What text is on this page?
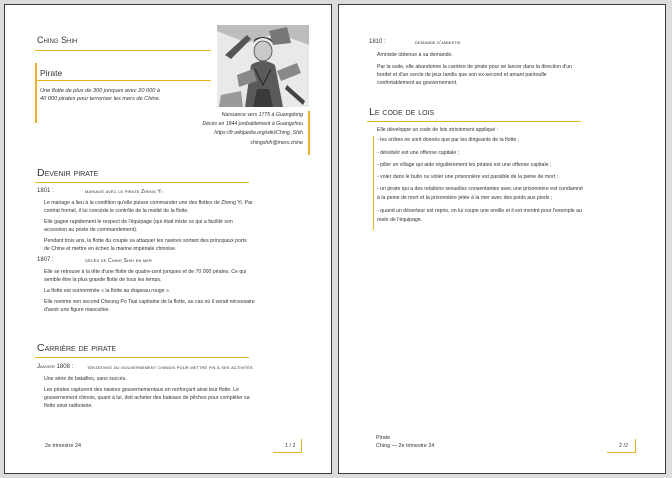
Ching Shih
Pirate
Une flotte de plus de 300 jonques avec 20 000 à
40 000 pirates pour terroriser les mers de Chine.
Naissance vers 1775 à Guangdong
Décès en 1844 probablement à Guangzhou
https://fr.wikipedia.org/wiki/Ching_Shih
chingshih@mers.chine
Devenir pirate
1801 :	mariage avec le pirate Zheng Yi
Le mariage a lieu à la condition qu'elle puisse commander une des flottes de Zheng Yi. Par
contrat formel, il lui concède le contrôle de la moitié de la flotte.
Elle gagne rapidement le respect de l'équipage (qui était mixte ce qui a facilité son
accession au poste de commandement).
Pendant trois ans, la flotte du couple va attaquer les navires sortant des principaux ports
de Chine et mettre en échec la marine impériale chinoise.
1807 :	décès de Ching Shih en mer
Elle se retrouve à la tête d'une flotte de quatre-cent jonques et de 70 000 pirates. Ce qui
semble être la plus grande flotte de tous les temps.
La flotte est surnommée « la flotte au drapeau rouge ».
Elle nomme son second Cheung Po Tsai capitaine de la flotte, au cas où il serait nécessaire
d'avoir une figure masculine.
Carrière de pirate
Janvier 1808 :	tentatives du gouvernement chinois pour mettre fin à ses activités
Une série de batailles, sans succès.
Les pirates capturent des navires gouvernementaux en renforçant ainsi leur flotte. Le
gouvernement chinois, quant à lui, doit acheter des bateaux de pêches pour compléter sa
flotte ainsi ratiboisée.
2e trimestre 24	1 / 2
1810 :	demande d'amnistie
Amnistie obtenue à sa demande.
Par la suite, elle abandonne la carrière de pirate pour se lancer dans la direction d'un
bordel et d'un cercle de jeux tandis que son ex-second et amant pantoufle
confortablement au gouvernement.
Le code de lois
Elle développe un code de lois strictement appliqué :
- les ordres ne sont donnés que par les dirigeants de la flotte ;
- désobéir est une offense capitale ;
- piller un village qui aide régulièrement les pirates est une offense capitale ;
- voler dans le butin ou violer une prisonnière est passible de la peine de mort ;
- un pirate qui a des relations sexuelles consentantes avec une prisonnière est condamné
à la peine de mort et la prisonnière jetée à la mer avec des poids aux pieds ;
- quand un déserteur est repris, on lui coupe une oreille et il est montré pour l'exemple au
reste de l'équipage.
Pirate
Ching — 2e trimestre 24	2 /2
